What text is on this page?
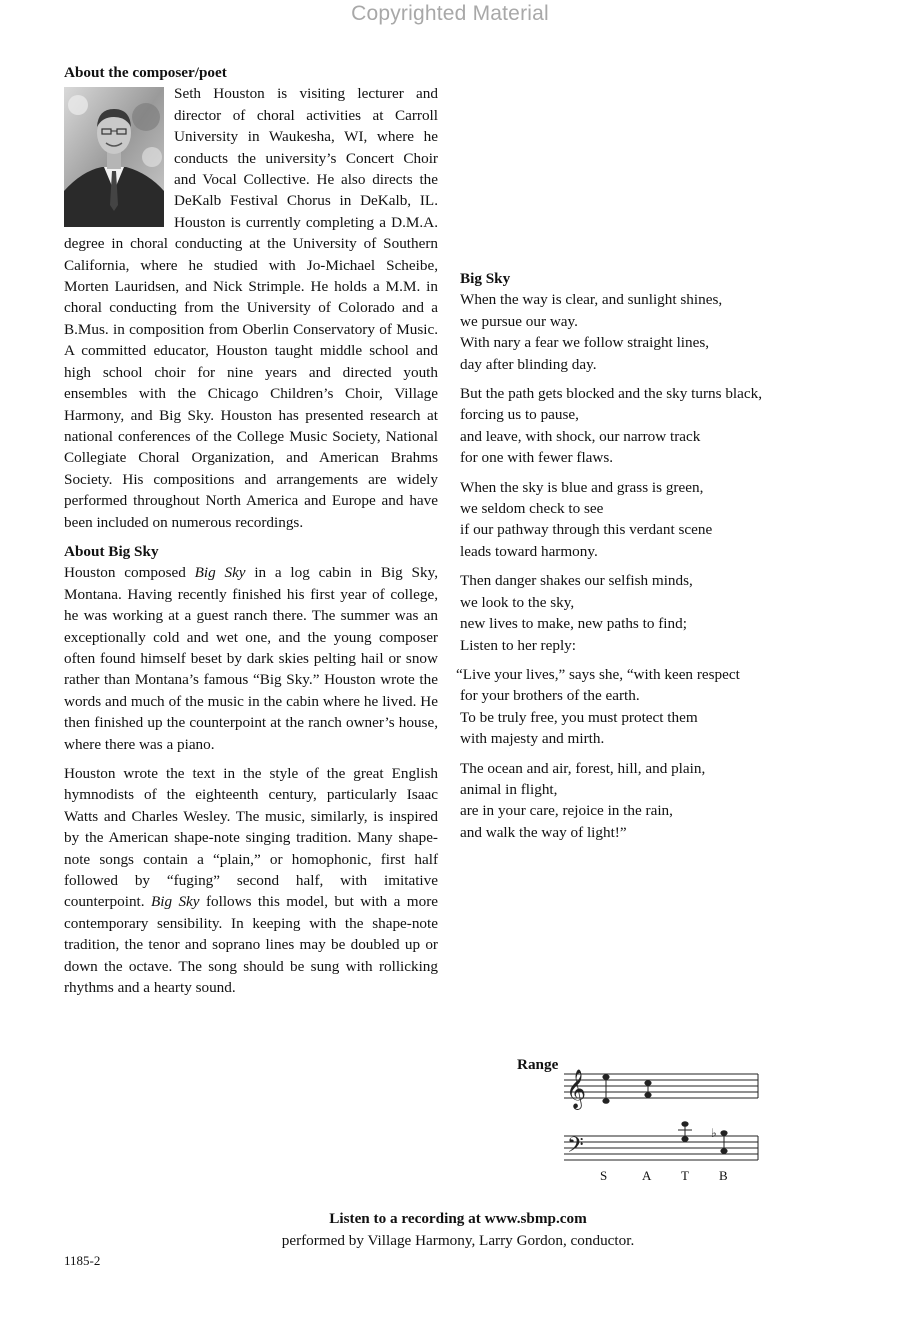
Copyrighted Material
About the composer/poet

Seth Houston is visiting lecturer and director of choral activities at Carroll University in Waukesha, WI, where he conducts the university’s Concert Choir and Vocal Collective. He also directs the DeKalb Festival Chorus in DeKalb, IL. Houston is currently completing a D.M.A. degree in choral conducting at the University of Southern California, where he studied with Jo-Michael Scheibe, Morten Lauridsen, and Nick Strimple. He holds a M.M. in choral conducting from the University of Colorado and a B.Mus. in composition from Oberlin Conservatory of Music. A committed educator, Houston taught middle school and high school choir for nine years and directed youth ensembles with the Chicago Children’s Choir, Village Harmony, and Big Sky. Houston has presented research at national conferences of the College Music Society, National Collegiate Choral Organization, and American Brahms Society. His compositions and arrangements are widely performed throughout North America and Europe and have been included on numerous recordings.

About Big Sky

Houston composed Big Sky in a log cabin in Big Sky, Montana. Having recently finished his first year of college, he was working at a guest ranch there. The summer was an exceptionally cold and wet one, and the young composer often found himself beset by dark skies pelting hail or snow rather than Montana’s famous “Big Sky.” Houston wrote the words and much of the music in the cabin where he lived. He then finished up the counterpoint at the ranch owner’s house, where there was a piano.

Houston wrote the text in the style of the great English hymnodists of the eighteenth century, particularly Isaac Watts and Charles Wesley. The music, similarly, is inspired by the American shape-note singing tradition. Many shape-note songs contain a “plain,” or homophonic, first half followed by “fuging” second half, with imitative counterpoint. Big Sky follows this model, but with a more contemporary sensibility. In keeping with the shape-note tradition, the tenor and soprano lines may be doubled up or down the octave. The song should be sung with rollicking rhythms and a hearty sound.

Big Sky
When the way is clear, and sunlight shines,
we pursue our way.
With nary a fear we follow straight lines,
day after blinding day.
But the path gets blocked and the sky turns black,
forcing us to pause,
and leave, with shock, our narrow track
for one with fewer flaws.
When the sky is blue and grass is green,
we seldom check to see
if our pathway through this verdant scene
leads toward harmony.
Then danger shakes our selfish minds,
we look to the sky,
new lives to make, new paths to find;
Listen to her reply:
“Live your lives,” says she, “with keen respect
for your brothers of the earth.
To be truly free, you must protect them
with majesty and mirth.
The ocean and air, forest, hill, and plain,
animal in flight,
are in your care, rejoice in the rain,
and walk the way of light!”
Range
𝄞
𝄢	♭
S	A T B
Listen to a recording at www.sbmp.com
performed by Village Harmony, Larry Gordon, conductor.
1185-2
